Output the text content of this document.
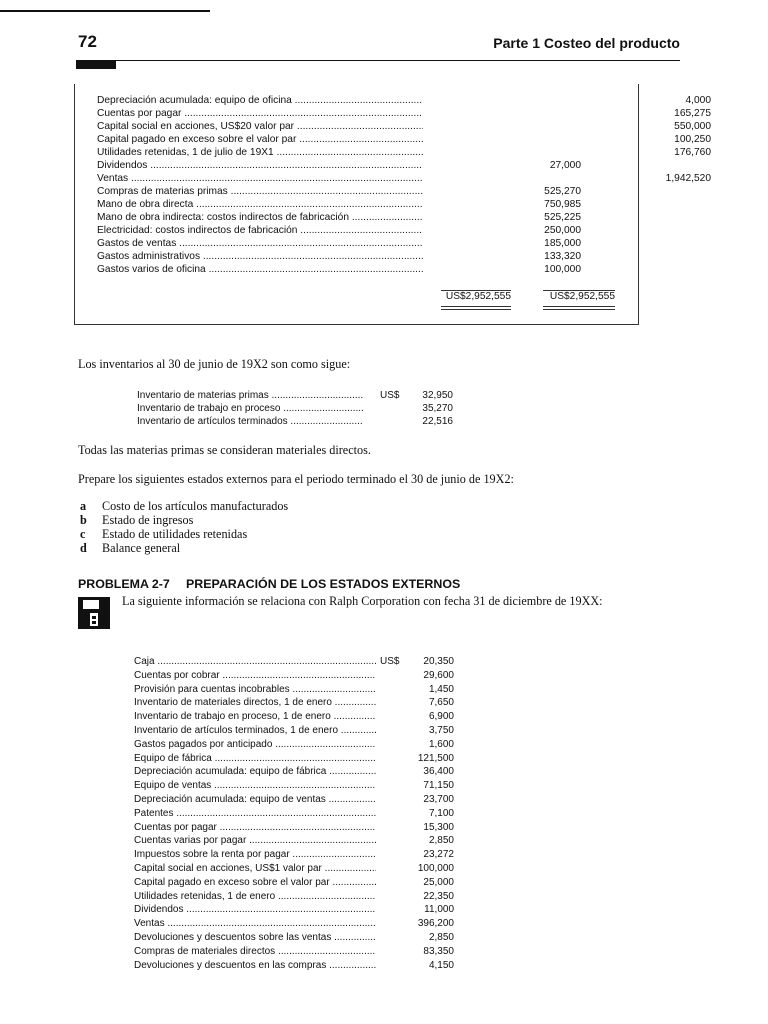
72	Parte 1 Costeo del producto
Depreciación acumulada: equipo de oficina .....	4,000
Cuentas por pagar .....	165,275
Capital social en acciones, US$20 valor par .....	550,000
Capital pagado en exceso sobre el valor par .....	100,250
Utilidades retenidas, 1 de julio de 19X1 .....	176,760
Dividendos .....	27,000
Ventas .....	1,942,520
Compras de materias primas .....	525,270
Mano de obra directa .....	750,985
Mano de obra indirecta: costos indirectos de fabricación .....	525,225
Electricidad: costos indirectos de fabricación .....	250,000
Gastos de ventas .....	185,000
Gastos administrativos .....	133,320
Gastos varios de oficina .....	100,000
US$2,952,555	US$2,952,555
Los inventarios al 30 de junio de 19X2 son como sigue:
Inventario de materias primas .....	US$	32,950
Inventario de trabajo en proceso .....	35,270
Inventario de artículos terminados .....	22,516
Todas las materias primas se consideran materiales directos.
Prepare los siguientes estados externos para el periodo terminado el 30 de junio de 19X2:
a Costo de los artículos manufacturados
b Estado de ingresos
c Estado de utilidades retenidas
d Balance general
PROBLEMA 2-7 PREPARACIÓN DE LOS ESTADOS EXTERNOS
La siguiente información se relaciona con Ralph Corporation con fecha 31 de diciembre de 19XX:
Caja .....	US$	20,350
Cuentas por cobrar .....	29,600
Provisión para cuentas incobrables .....	1,450
Inventario de materiales directos, 1 de enero .....	7,650
Inventario de trabajo en proceso, 1 de enero .....	6,900
Inventario de artículos terminados, 1 de enero .....	3,750
Gastos pagados por anticipado .....	1,600
Equipo de fábrica .....	121,500
Depreciación acumulada: equipo de fábrica .....	36,400
Equipo de ventas .....	71,150
Depreciación acumulada: equipo de ventas .....	23,700
Patentes .....	7,100
Cuentas por pagar .....	15,300
Cuentas varias por pagar .....	2,850
Impuestos sobre la renta por pagar .....	23,272
Capital social en acciones, US$1 valor par .....	100,000
Capital pagado en exceso sobre el valor par .....	25,000
Utilidades retenidas, 1 de enero .....	22,350
Dividendos .....	11,000
Ventas .....	396,200
Devoluciones y descuentos sobre las ventas .....	2,850
Compras de materiales directos .....	83,350
Devoluciones y descuentos en las compras .....	4,150
